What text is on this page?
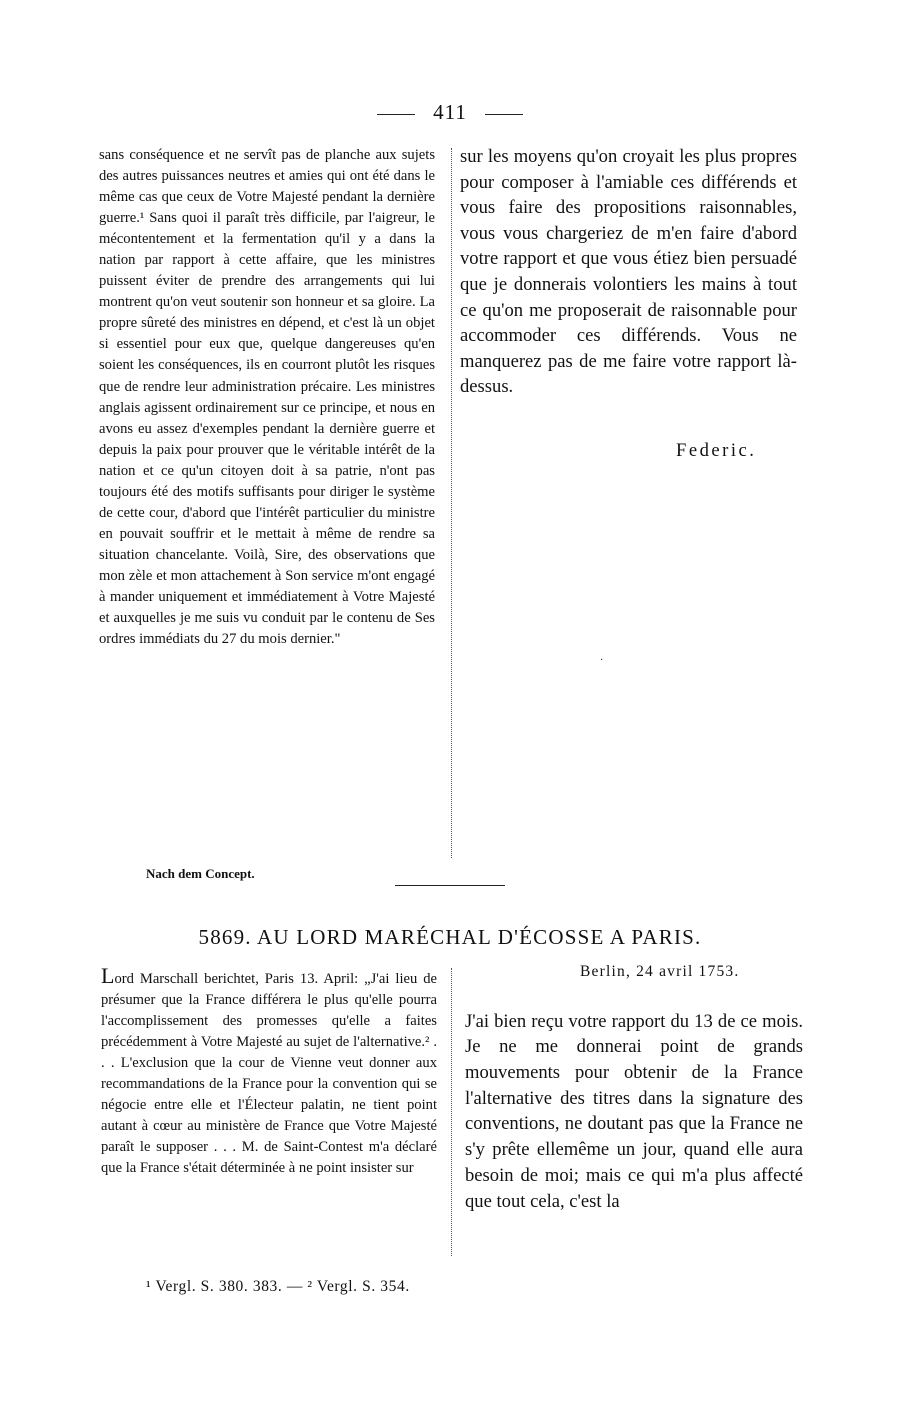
411

sans conséquence et ne servît pas de planche aux sujets des autres puissances neutres et amies qui ont été dans le même cas que ceux de Votre Majesté pendant la dernière guerre.¹ Sans quoi il paraît très difficile, par l'aigreur, le mécontentement et la fermentation qu'il y a dans la nation par rapport à cette affaire, que les ministres puissent éviter de prendre des arrangements qui lui montrent qu'on veut soutenir son honneur et sa gloire. La propre sûreté des ministres en dépend, et c'est là un objet si essentiel pour eux que, quelque dangereuses qu'en soient les conséquences, ils en courront plutôt les risques que de rendre leur administration précaire. Les ministres anglais agissent ordinairement sur ce principe, et nous en avons eu assez d'exemples pendant la dernière guerre et depuis la paix pour prouver que le véritable intérêt de la nation et ce qu'un citoyen doit à sa patrie, n'ont pas toujours été des motifs suffisants pour diriger le système de cette cour, d'abord que l'intérêt particulier du ministre en pouvait souffrir et le mettait à même de rendre sa situation chancelante. Voilà, Sire, des observations que mon zèle et mon attachement à Son service m'ont engagé à mander uniquement et immédiatement à Votre Majesté et auxquelles je me suis vu conduit par le contenu de Ses ordres immédiats du 27 du mois dernier."

sur les moyens qu'on croyait les plus propres pour composer à l'amiable ces différends et vous faire des propositions raisonnables, vous vous chargeriez de m'en faire d'abord votre rapport et que vous étiez bien persuadé que je donnerais volontiers les mains à tout ce qu'on me proposerait de raisonnable pour accommoder ces différends. Vous ne manquerez pas de me faire votre rapport là-dessus.

Federic.
·
Nach dem Concept.
5869. AU LORD MARÉCHAL D'ÉCOSSE A PARIS.
Lord Marschall berichtet, Paris 13. April: „J'ai lieu de présumer que la France différera le plus qu'elle pourra l'accomplissement des promesses qu'elle a faites précédemment à Votre Majesté au sujet de l'alternative.² . . . L'exclusion que la cour de Vienne veut donner aux recommandations de la France pour la convention qui se négocie entre elle et l'Électeur palatin, ne tient point autant à cœur au ministère de France que Votre Majesté paraît le supposer . . . M. de Saint-Contest m'a déclaré que la France s'était déterminée à ne point insister sur
Berlin, 24 avril 1753.

J'ai bien reçu votre rapport du 13 de ce mois. Je ne me donnerai point de grands mouvements pour obtenir de la France l'alternative des titres dans la signature des conventions, ne doutant pas que la France ne s'y prête ellemême un jour, quand elle aura besoin de moi; mais ce qui m'a plus affecté que tout cela, c'est la

¹ Vergl. S. 380. 383. — ² Vergl. S. 354.
